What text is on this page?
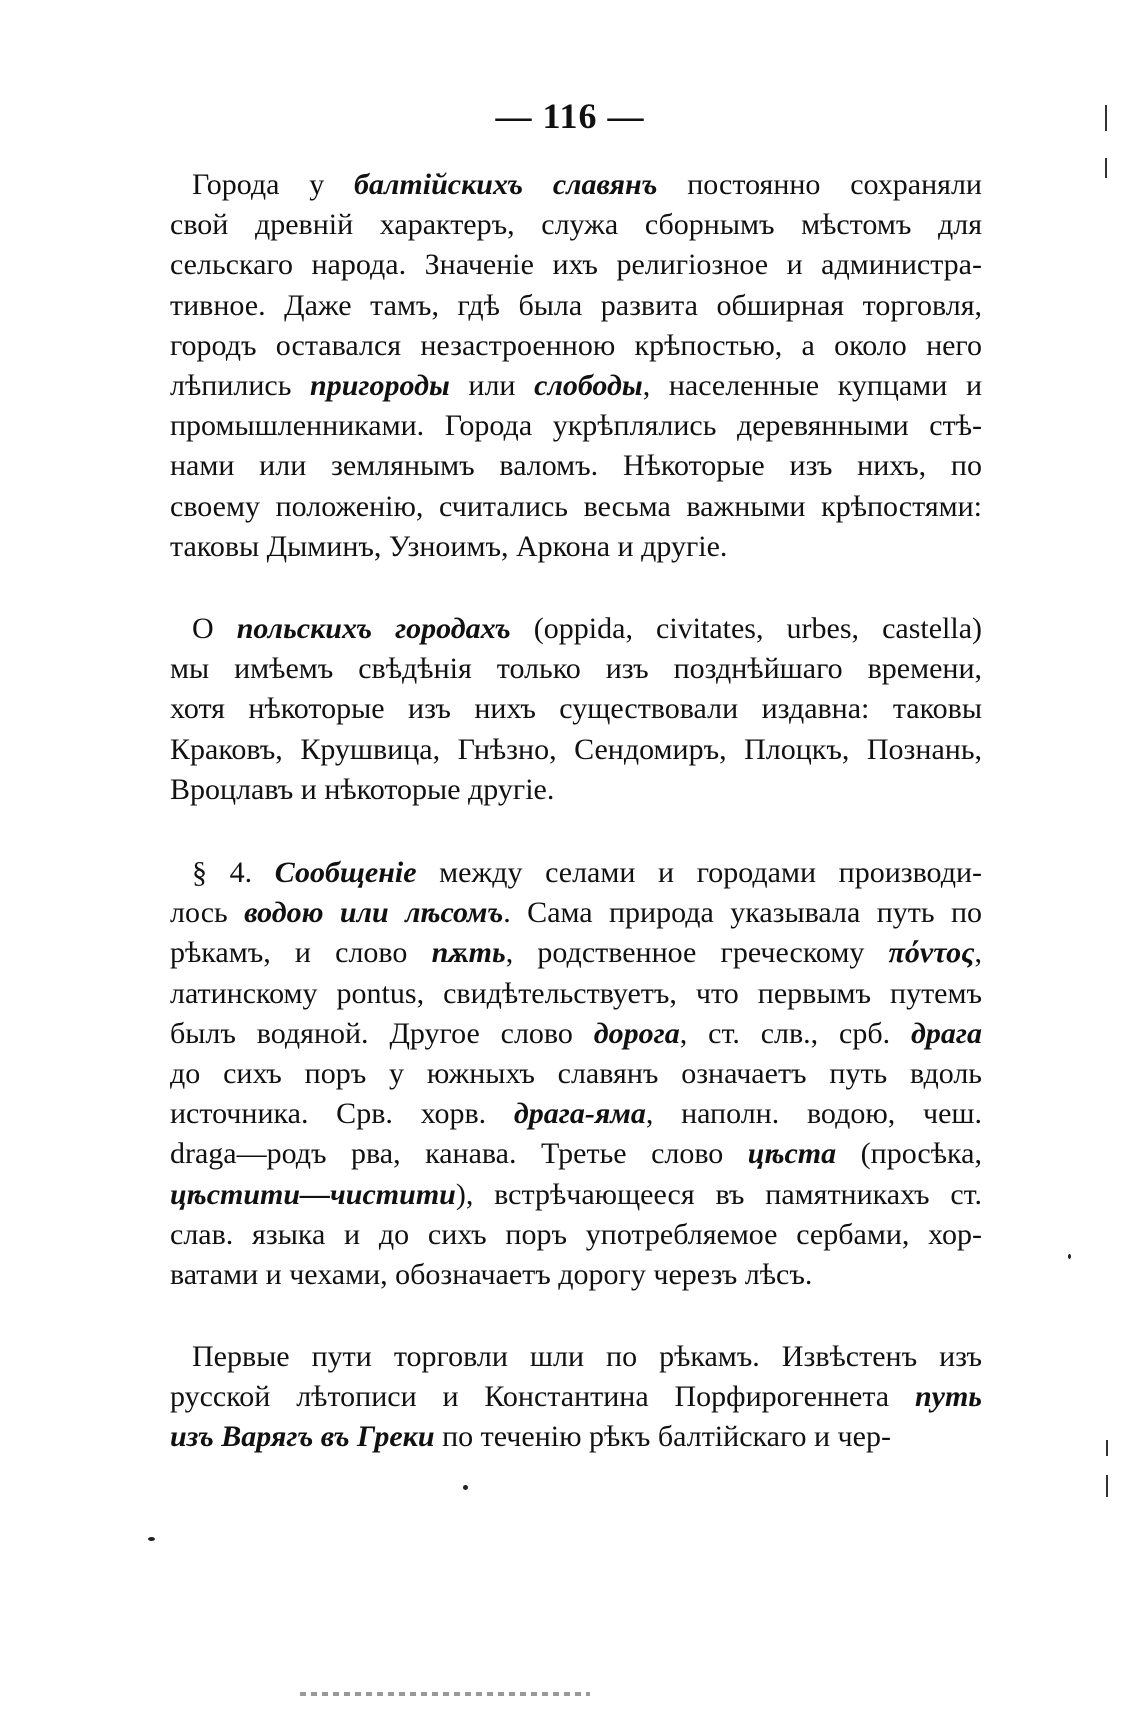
— 116 —
Города у балтійскихъ славянъ постоянно сохраняли
свой древній характеръ, служа сборнымъ мѣстомъ для
сельскаго народа. Значеніе ихъ религіозное и администра-
тивное. Даже тамъ, гдѣ была развита обширная торговля,
городъ оставался незастроенною крѣпостью, а около него
лѣпились пригороды или слободы, населенные купцами и
промышленниками. Города укрѣплялись деревянными стѣ-
нами или землянымъ валомъ. Нѣкоторые изъ нихъ, по
своему положенію, считались весьма важными крѣпостями:
таковы Дыминъ, Узноимъ, Аркона и другіе.
О польскихъ городахъ (oppida, civitates, urbes, castella)
мы имѣемъ свѣдѣнія только изъ позднѣйшаго времени,
хотя нѣкоторые изъ нихъ существовали издавна: таковы
Краковъ, Крушвица, Гнѣзно, Сендомиръ, Плоцкъ, Познань,
Вроцлавъ и нѣкоторые другіе.
§ 4. Сообщеніе между селами и городами производи-
лось водою или лѣсомъ. Сама природа указывала путь по
рѣкамъ, и слово пѫть, родственное греческому πόντος,
латинскому pontus, свидѣтельствуетъ, что первымъ путемъ
былъ водяной. Другое слово дорога, ст. слв., срб. драга
до сихъ поръ у южныхъ славянъ означаетъ путь вдоль
источника. Срв. хорв. драга-яма, наполн. водою, чеш.
draga—родъ рва, канава. Третье слово цѣста (просѣка,
цѣстити—чистити), встрѣчающееся въ памятникахъ ст.
слав. языка и до сихъ поръ употребляемое сербами, хор-
ватами и чехами, обозначаетъ дорогу черезъ лѣсъ.
Первые пути торговли шли по рѣкамъ. Извѣстенъ изъ
русской лѣтописи и Константина Порфирогеннета путь
изъ Варягъ въ Греки по теченію рѣкъ балтійскаго и чер-
